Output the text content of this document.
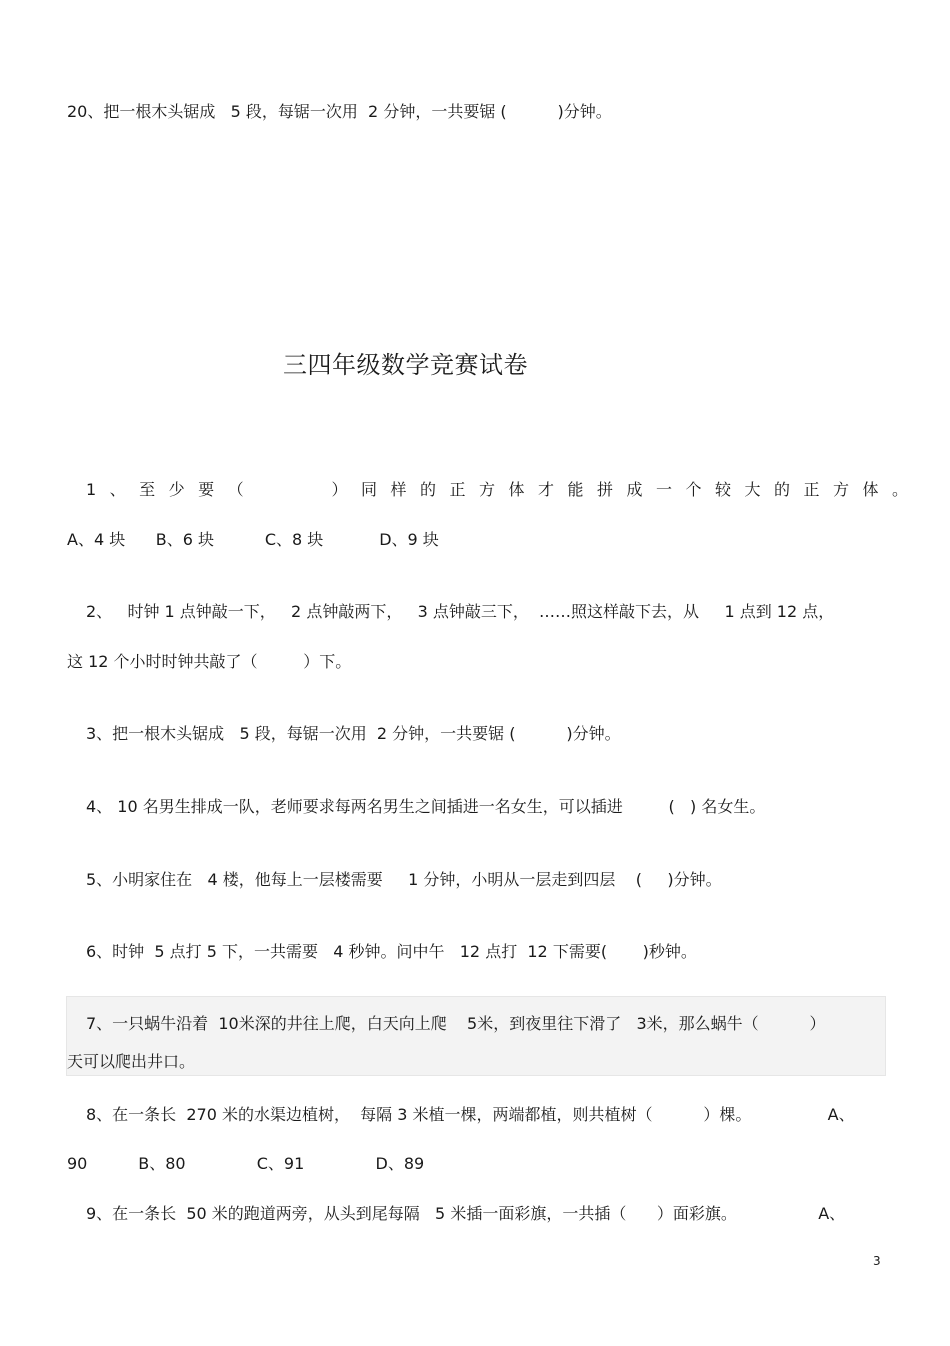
20、把一根木头锯成   5 段，每锯一次用  2 分钟，一共要锯 (          )分钟。
三四年级数学竞赛试卷
1、至少要（    ）同样的正方体才能拼成一个较大的正方体。
A、4 块      B、6 块          C、8 块           D、9 块
2、   时钟 1 点钟敲一下，   2 点钟敲两下，   3 点钟敲三下，  ……照这样敲下去，从     1 点到 12 点，
这 12 个小时时钟共敲了（         ）下。
3、把一根木头锯成   5 段，每锯一次用  2 分钟，一共要锯 (          )分钟。
4、 10 名男生排成一队，老师要求每两名男生之间插进一名女生，可以插进         (   ) 名女生。
5、小明家住在   4 楼，他每上一层楼需要     1 分钟，小明从一层走到四层    (     )分钟。
6、时钟  5 点打 5 下，一共需要   4 秒钟。问中午   12 点打  12 下需要(       )秒钟。
7、一只蜗牛沿着  10米深的井往上爬，白天向上爬    5米，到夜里往下滑了   3米，那么蜗牛（          ）
天可以爬出井口。
8、在一条长  270 米的水渠边植树，  每隔 3 米植一棵，两端都植，则共植树（          ）棵。               A、
90          B、80              C、91              D、89
9、在一条长  50 米的跑道两旁，从头到尾每隔   5 米插一面彩旗，一共插（      ）面彩旗。                A、
3
